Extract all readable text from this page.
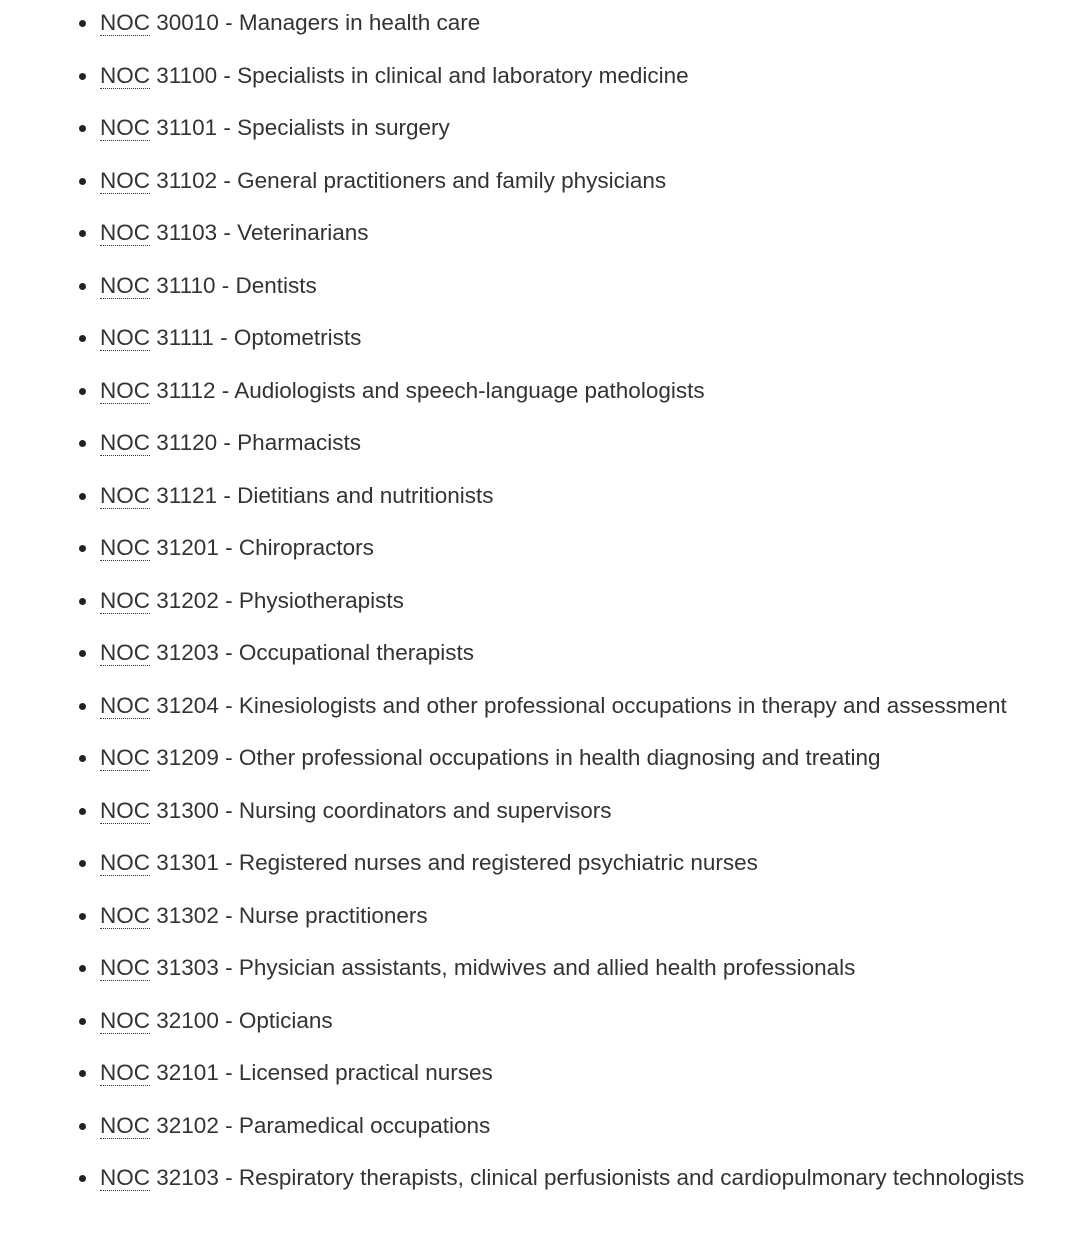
NOC 30010 - Managers in health care
NOC 31100 - Specialists in clinical and laboratory medicine
NOC 31101 - Specialists in surgery
NOC 31102 - General practitioners and family physicians
NOC 31103 - Veterinarians
NOC 31110 - Dentists
NOC 31111 - Optometrists
NOC 31112 - Audiologists and speech-language pathologists
NOC 31120 - Pharmacists
NOC 31121 - Dietitians and nutritionists
NOC 31201 - Chiropractors
NOC 31202 - Physiotherapists
NOC 31203 - Occupational therapists
NOC 31204 - Kinesiologists and other professional occupations in therapy and assessment
NOC 31209 - Other professional occupations in health diagnosing and treating
NOC 31300 - Nursing coordinators and supervisors
NOC 31301 - Registered nurses and registered psychiatric nurses
NOC 31302 - Nurse practitioners
NOC 31303 - Physician assistants, midwives and allied health professionals
NOC 32100 - Opticians
NOC 32101 - Licensed practical nurses
NOC 32102 - Paramedical occupations
NOC 32103 - Respiratory therapists, clinical perfusionists and cardiopulmonary technologists
